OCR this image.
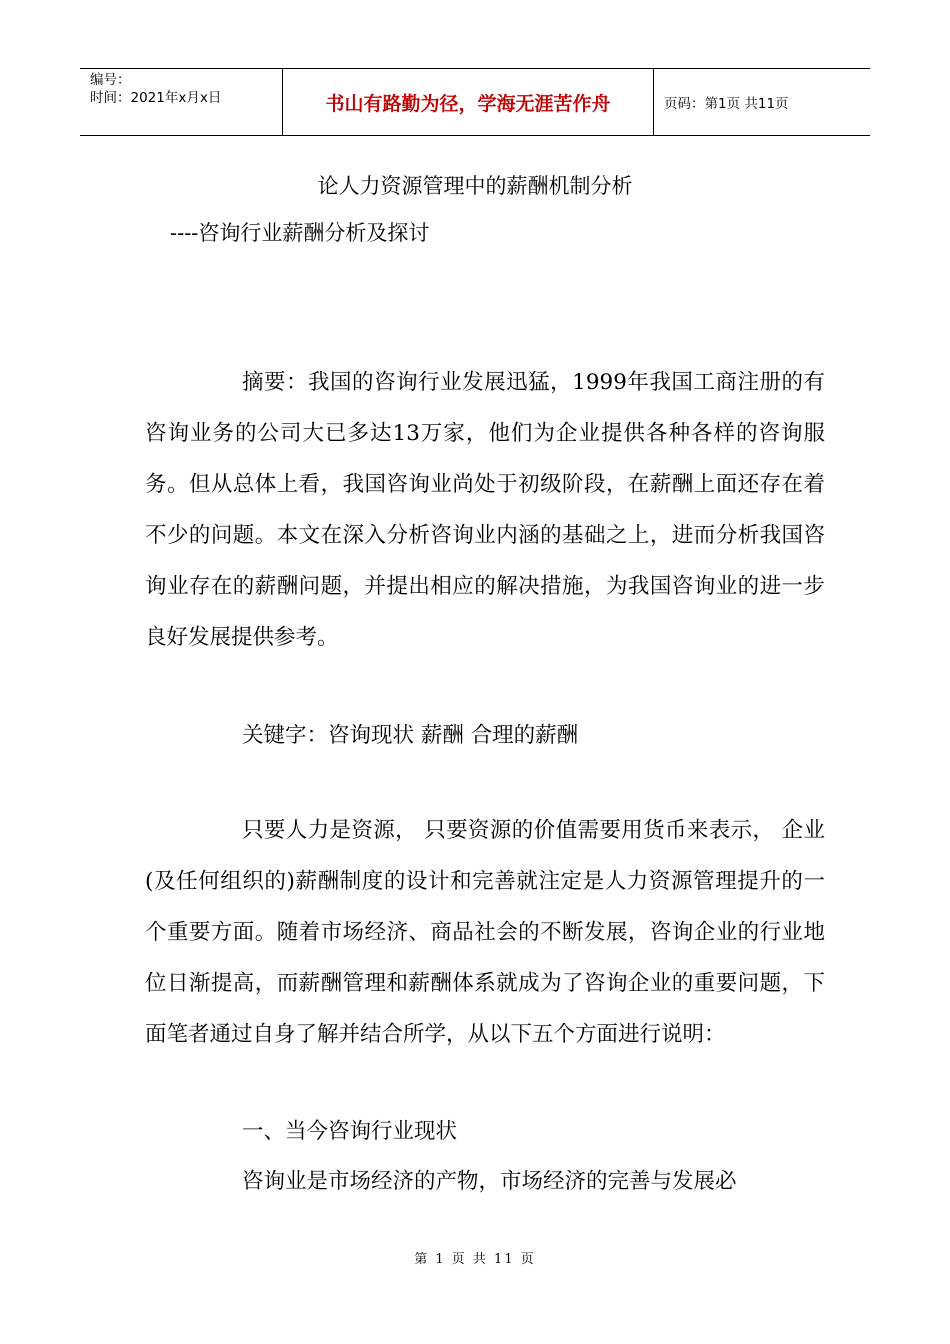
编号：
时间：2021年x月x日	书山有路勤为径，学海无涯苦作舟	页码：第1页 共11页
论人力资源管理中的薪酬机制分析
----咨询行业薪酬分析及探讨

摘要：我国的咨询行业发展迅猛，1999年我国工商注册的有咨询业务的公司大已多达13万家，他们为企业提供各种各样的咨询服务。但从总体上看，我国咨询业尚处于初级阶段，在薪酬上面还存在着不少的问题。本文在深入分析咨询业内涵的基础之上，进而分析我国咨询业存在的薪酬问题，并提出相应的解决措施，为我国咨询业的进一步良好发展提供参考。

关键字：咨询现状 薪酬 合理的薪酬

只要人力是资源， 只要资源的价值需要用货币来表示， 企业(及任何组织的)薪酬制度的设计和完善就注定是人力资源管理提升的一个重要方面。随着市场经济、商品社会的不断发展，咨询企业的行业地位日渐提高，而薪酬管理和薪酬体系就成为了咨询企业的重要问题，下面笔者通过自身了解并结合所学，从以下五个方面进行说明：

一、当今咨询行业现状
咨询业是市场经济的产物，市场经济的完善与发展必
第 1 页 共 11 页
